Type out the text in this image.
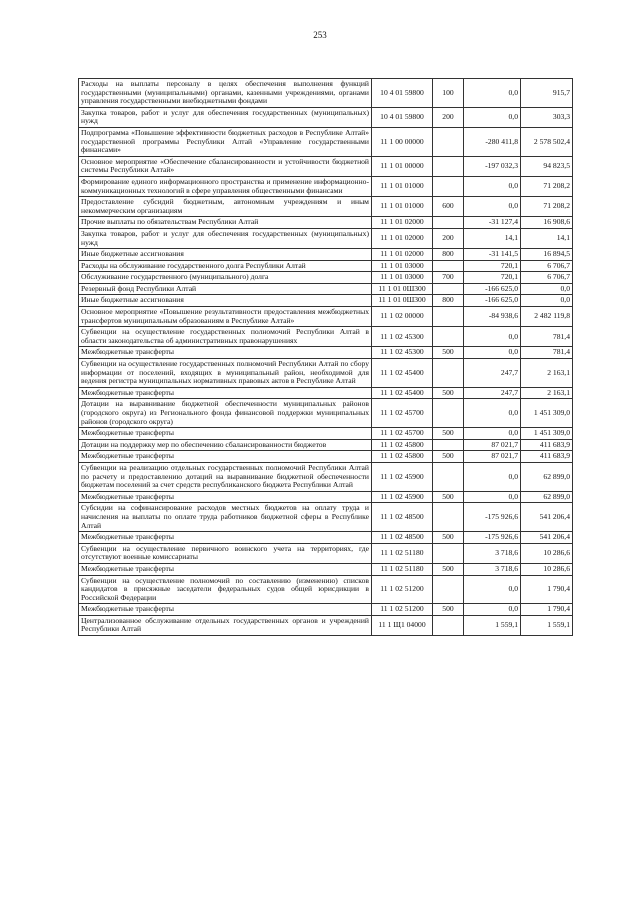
253
Расходы на выплаты персоналу в целях обеспечения выполнения функций государственными (муниципальными) органами, казенными учреждениями, органами управления государственными внебюджетными фондами	10 4 01 59800	100	0,0	915,7
Закупка товаров, работ и услуг для обеспечения государственных (муниципальных) нужд	10 4 01 59800	200	0,0	303,3
Подпрограмма «Повышение эффективности бюджетных расходов в Республике Алтай» государственной программы Республики Алтай «Управление государственными финансами»	11 1 00 00000		-280 411,8	2 578 502,4
Основное мероприятие «Обеспечение сбалансированности и устойчивости бюджетной системы Республики Алтай»	11 1 01 00000		-197 032,3	94 823,5
Формирование единого информационного пространства и применение информационно-коммуникационных технологий в сфере управления общественными финансами	11 1 01 01000		0,0	71 208,2
Предоставление субсидий бюджетным, автономным учреждениям и иным некоммерческим организациям	11 1 01 01000	600	0,0	71 208,2
Прочие выплаты по обязательствам Республики Алтай	11 1 01 02000		-31 127,4	16 908,6
Закупка товаров, работ и услуг для обеспечения государственных (муниципальных) нужд	11 1 01 02000	200	14,1	14,1
Иные бюджетные ассигнования	11 1 01 02000	800	-31 141,5	16 894,5
Расходы на обслуживание государственного долга Республики Алтай	11 1 01 03000		720,1	6 706,7
Обслуживание государственного (муниципального) долга	11 1 01 03000	700	720,1	6 706,7
Резервный фонд Республики Алтай	11 1 01 0Ш300		-166 625,0	0,0
Иные бюджетные ассигнования	11 1 01 0Ш300	800	-166 625,0	0,0
Основное мероприятие «Повышение результативности предоставления межбюджетных трансфертов муниципальным образованиям в Республике Алтай»	11 1 02 00000		-84 938,6	2 482 119,8
Субвенции на осуществление государственных полномочий Республики Алтай в области законодательства об административных правонарушениях	11 1 02 45300		0,0	781,4
Межбюджетные трансферты	11 1 02 45300	500	0,0	781,4
Субвенции на осуществление государственных полномочий Республики Алтай по сбору информации от поселений, входящих в муниципальный район, необходимой для ведения регистра муниципальных нормативных правовых актов в Республике Алтай	11 1 02 45400		247,7	2 163,1
Межбюджетные трансферты	11 1 02 45400	500	247,7	2 163,1
Дотации на выравнивание бюджетной обеспеченности муниципальных районов (городского округа) из Регионального фонда финансовой поддержки муниципальных районов (городского округа)	11 1 02 45700		0,0	1 451 309,0
Межбюджетные трансферты	11 1 02 45700	500	0,0	1 451 309,0
Дотации на поддержку мер по обеспечению сбалансированности бюджетов	11 1 02 45800		87 021,7	411 683,9
Межбюджетные трансферты	11 1 02 45800	500	87 021,7	411 683,9
Субвенции на реализацию отдельных государственных полномочий Республики Алтай по расчету и предоставлению дотаций на выравнивание бюджетной обеспеченности бюджетам поселений за счет средств республиканского бюджета Республики Алтай	11 1 02 45900		0,0	62 899,0
Межбюджетные трансферты	11 1 02 45900	500	0,0	62 899,0
Субсидии на софинансирование расходов местных бюджетов на оплату труда и начисления на выплаты по оплате труда работников бюджетной сферы в Республике Алтай	11 1 02 48500		-175 926,6	541 206,4
Межбюджетные трансферты	11 1 02 48500	500	-175 926,6	541 206,4
Субвенции на осуществление первичного воинского учета на территориях, где отсутствуют военные комиссариаты	11 1 02 51180		3 718,6	10 286,6
Межбюджетные трансферты	11 1 02 51180	500	3 718,6	10 286,6
Субвенции на осуществление полномочий по составлению (изменению) списков кандидатов в присяжные заседатели федеральных судов общей юрисдикции в Российской Федерации	11 1 02 51200		0,0	1 790,4
Межбюджетные трансферты	11 1 02 51200	500	0,0	1 790,4
Централизованное обслуживание отдельных государственных органов и учреждений Республики Алтай	11 1 Щ1 04000		1 559,1	1 559,1
